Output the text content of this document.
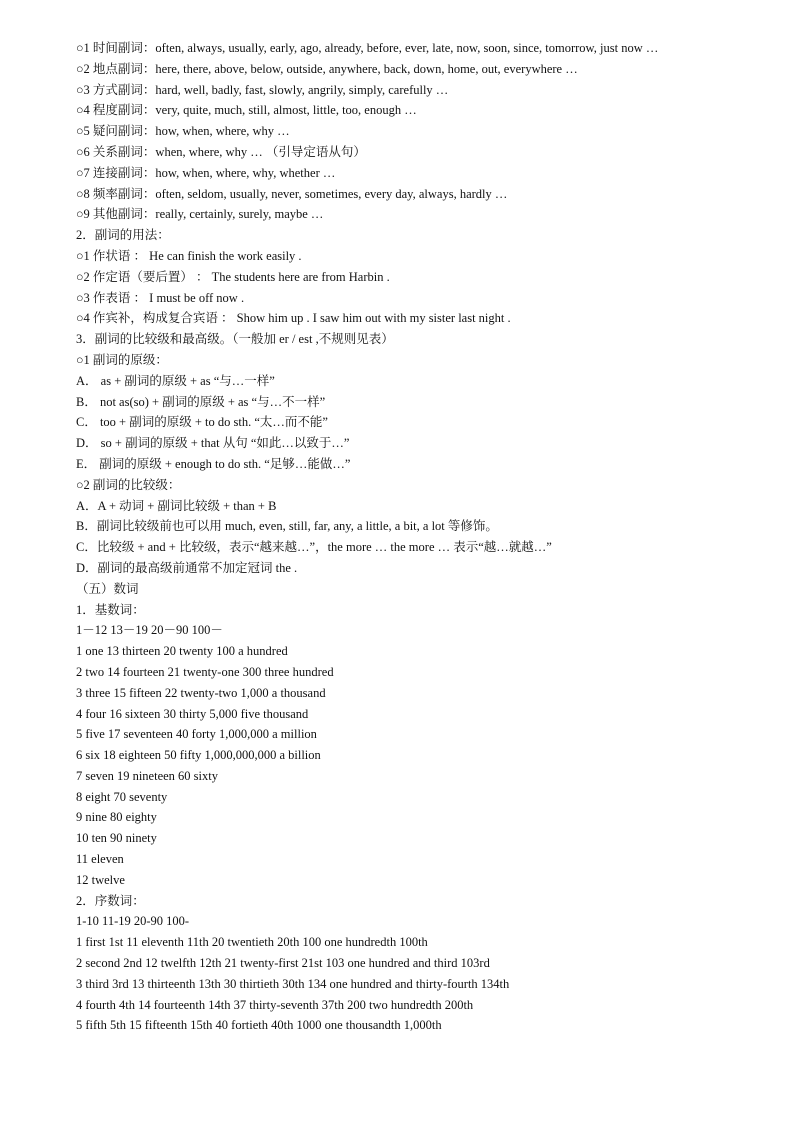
○1 时间副词：often, always, usually, early, ago, already, before, ever, late, now, soon, since, tomorrow, just now …
○2 地点副词：here, there, above, below, outside, anywhere, back, down, home, out, everywhere …
○3 方式副词：hard, well, badly, fast, slowly, angrily, simply, carefully …
○4 程度副词：very, quite, much, still, almost, little, too, enough …
○5 疑问副词：how, when, where, why …
○6 关系副词：when, where, why … （引导定语从句）
○7 连接副词：how, when, where, why, whether …
○8 频率副词：often, seldom, usually, never, sometimes, every day, always, hardly …
○9 其他副词：really, certainly, surely, maybe …
2．副词的用法：
○1 作状语 ： He can finish the work easily .
○2 作定语（要后置） ： The students here are from Harbin .
○3 作表语 ： I must be off now .
○4 作宾补，构成复合宾语 ： Show him up . I saw him out with my sister last night .
3．副词的比较级和最高级。（一般加 er / est ,不规则见表）
○1 副词的原级：
A． as + 副词的原级 + as “与…一样”
B． not as(so) + 副词的原级 + as “与…不一样”
C． too + 副词的原级 + to do sth. “太…而不能”
D． so + 副词的原级 + that 从句 “如此…以致于…”
E． 副词的原级 + enough to do sth. “足够…能做…”
○2 副词的比较级：
A．A + 动词 + 副词比较级 + than + B
B．副词比较级前也可以用 much, even, still, far, any, a little, a bit, a lot 等修饰。
C．比较级 + and + 比较级，表示“越来越…”，the more … the more … 表示“越…就越…”
D．副词的最高级前通常不加定冠词 the .
（五）数词
1．基数词：
1－12 13－19 20－90 100－
1 one 13 thirteen 20 twenty 100 a hundred
2 two 14 fourteen 21 twenty-one 300 three hundred
3 three 15 fifteen 22 twenty-two 1,000 a thousand
4 four 16 sixteen 30 thirty 5,000 five thousand
5 five 17 seventeen 40 forty 1,000,000 a million
6 six 18 eighteen 50 fifty 1,000,000,000 a billion
7 seven 19 nineteen 60 sixty
8 eight 70 seventy
9 nine 80 eighty
10 ten 90 ninety
11 eleven
12 twelve
2．序数词：
1-10 11-19 20-90 100-
1 first 1st 11 eleventh 11th 20 twentieth 20th 100 one hundredth 100th
2 second 2nd 12 twelfth 12th 21 twenty-first 21st 103 one hundred and third 103rd
3 third 3rd 13 thirteenth 13th 30 thirtieth 30th 134 one hundred and thirty-fourth 134th
4 fourth 4th 14 fourteenth 14th 37 thirty-seventh 37th 200 two hundredth 200th
5 fifth 5th 15 fifteenth 15th 40 fortieth 40th 1000 one thousandth 1,000th
